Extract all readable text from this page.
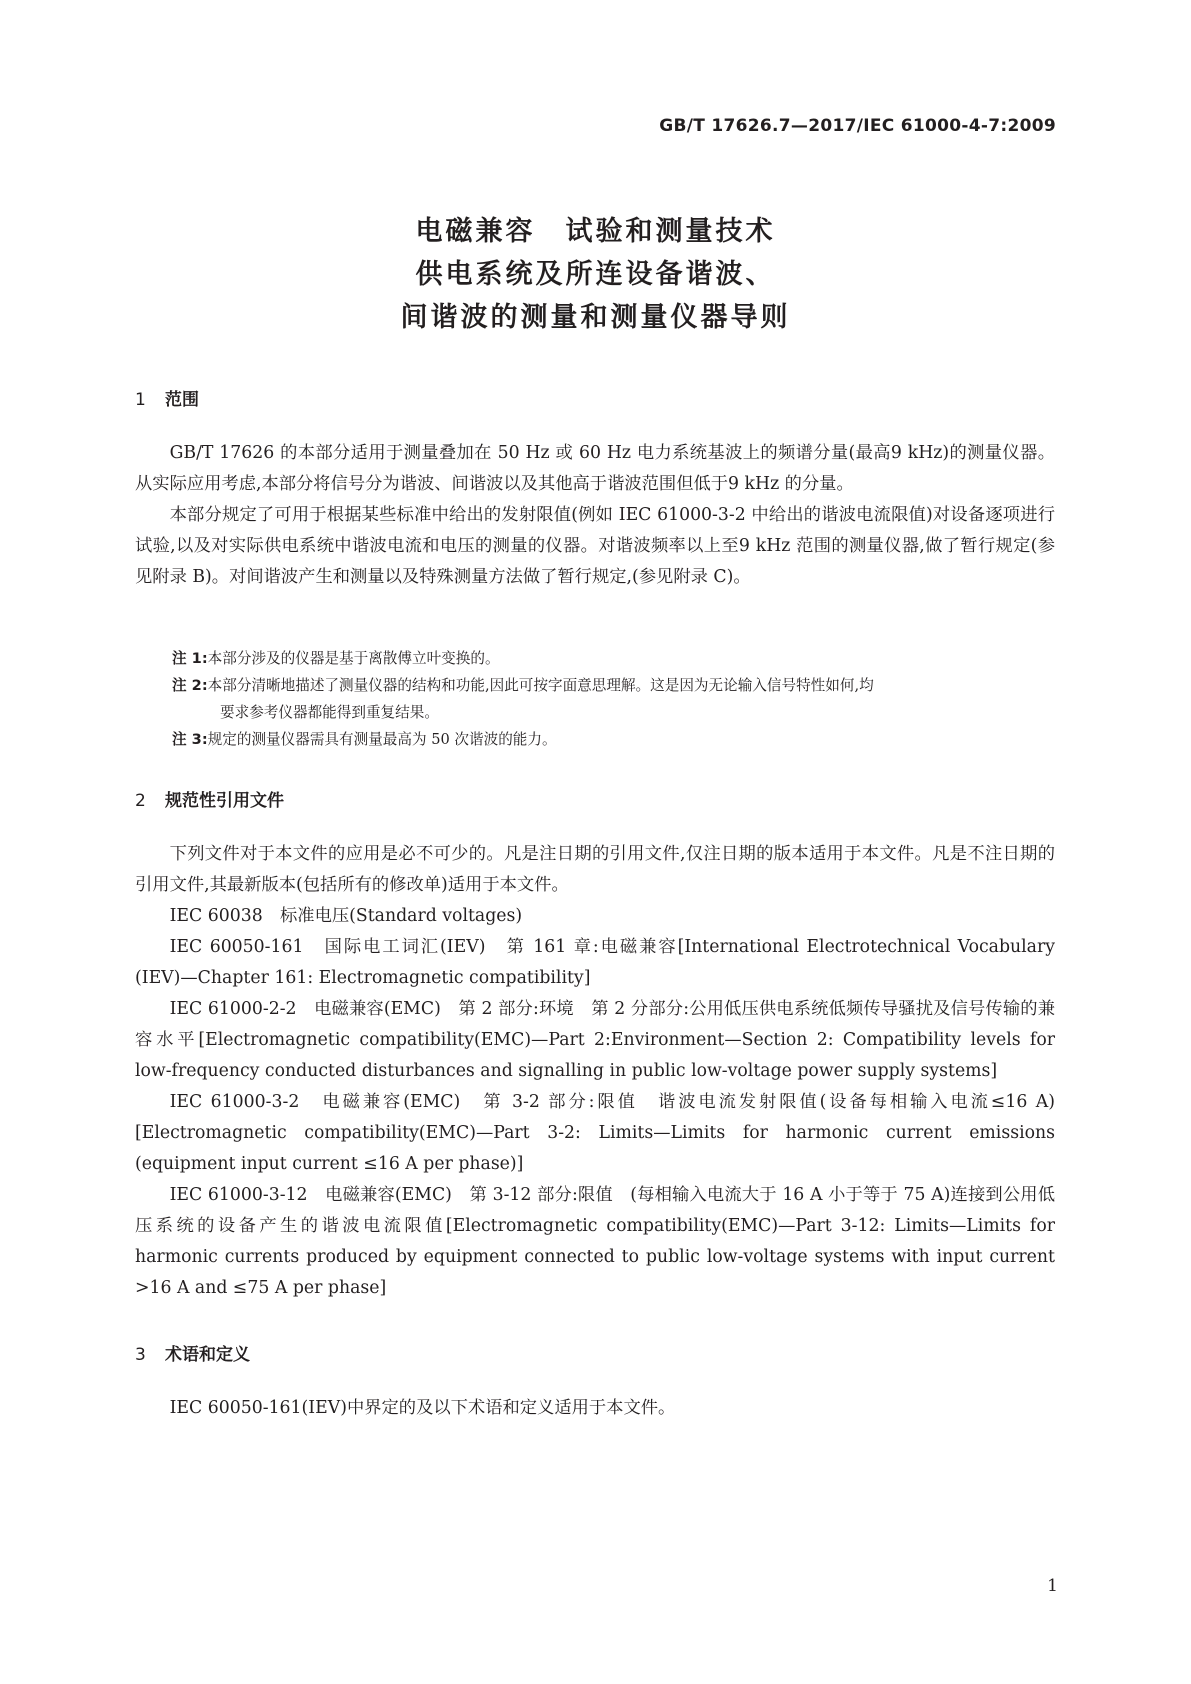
GB/T 17626.7—2017/IEC 61000-4-7:2009
电磁兼容　试验和测量技术
供电系统及所连设备谐波、
间谐波的测量和测量仪器导则
1 范围

GB/T 17626 的本部分适用于测量叠加在 50 Hz 或 60 Hz 电力系统基波上的频谱分量(最高9 kHz)的测量仪器。从实际应用考虑,本部分将信号分为谐波、间谐波以及其他高于谐波范围但低于9 kHz 的分量。

本部分规定了可用于根据某些标准中给出的发射限值(例如 IEC 61000-3-2 中给出的谐波电流限值)对设备逐项进行试验,以及对实际供电系统中谐波电流和电压的测量的仪器。对谐波频率以上至9 kHz 范围的测量仪器,做了暂行规定(参见附录 B)。对间谐波产生和测量以及特殊测量方法做了暂行规定,(参见附录 C)。

注 1:本部分涉及的仪器是基于离散傅立叶变换的。
注 2:本部分清晰地描述了测量仪器的结构和功能,因此可按字面意思理解。这是因为无论输入信号特性如何,均
要求参考仪器都能得到重复结果。
注 3:规定的测量仪器需具有测量最高为 50 次谐波的能力。
2 规范性引用文件

下列文件对于本文件的应用是必不可少的。凡是注日期的引用文件,仅注日期的版本适用于本文件。凡是不注日期的引用文件,其最新版本(包括所有的修改单)适用于本文件。

IEC 60038　标准电压(Standard voltages)

IEC 60050-161　国际电工词汇(IEV)　第 161 章:电磁兼容[International Electrotechnical Vocabulary (IEV)—Chapter 161: Electromagnetic compatibility]

IEC 61000-2-2　电磁兼容(EMC)　第 2 部分:环境　第 2 分部分:公用低压供电系统低频传导骚扰及信号传输的兼容水平[Electromagnetic compatibility(EMC)—Part 2:Environment—Section 2: Compatibility levels for low-frequency conducted disturbances and signalling in public low-voltage power supply systems]

IEC 61000-3-2　电磁兼容(EMC)　第 3-2 部分:限值　谐波电流发射限值(设备每相输入电流≤16 A)[Electromagnetic compatibility(EMC)—Part 3-2: Limits—Limits for harmonic current emissions (equipment input current ≤16 A per phase)]

IEC 61000-3-12　电磁兼容(EMC)　第 3-12 部分:限值　(每相输入电流大于 16 A 小于等于 75 A)连接到公用低压系统的设备产生的谐波电流限值[Electromagnetic compatibility(EMC)—Part 3-12: Limits—Limits for harmonic currents produced by equipment connected to public low-voltage systems with input current >16 A and ≤75 A per phase]

3 术语和定义

IEC 60050-161(IEV)中界定的及以下术语和定义适用于本文件。

1
